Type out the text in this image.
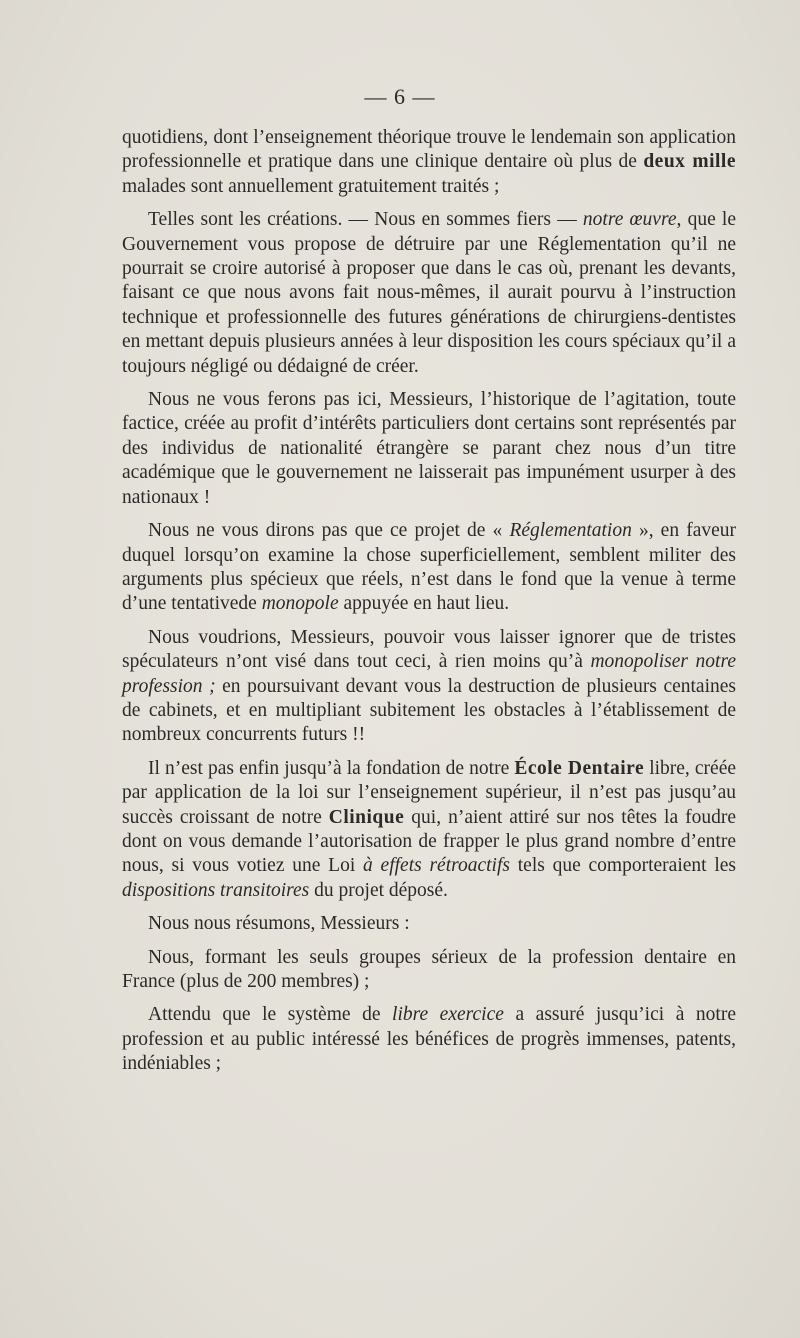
— 6 —

quotidiens, dont l’enseignement théorique trouve le lendemain son application professionnelle et pratique dans une clinique dentaire où plus de deux mille malades sont annuellement gratuitement traités ;

Telles sont les créations. — Nous en sommes fiers — notre œuvre, que le Gouvernement vous propose de détruire par une Réglementation qu’il ne pourrait se croire autorisé à proposer que dans le cas où, prenant les devants, faisant ce que nous avons fait nous-mêmes, il aurait pourvu à l’instruction technique et professionnelle des futures générations de chirurgiens-dentistes en mettant depuis plusieurs années à leur disposition les cours spéciaux qu’il a toujours négligé ou dédaigné de créer.

Nous ne vous ferons pas ici, Messieurs, l’historique de l’agitation, toute factice, créée au profit d’intérêts particuliers dont certains sont représentés par des individus de nationalité étrangère se parant chez nous d’un titre académique que le gouvernement ne laisserait pas impunément usurper à des nationaux !

Nous ne vous dirons pas que ce projet de « Réglementation », en faveur duquel lorsqu’on examine la chose superficiellement, semblent militer des arguments plus spécieux que réels, n’est dans le fond que la venue à terme d’une tentativede monopole appuyée en haut lieu.

Nous voudrions, Messieurs, pouvoir vous laisser ignorer que de tristes spéculateurs n’ont visé dans tout ceci, à rien moins qu’à monopoliser notre profession ; en poursuivant devant vous la destruction de plusieurs centaines de cabinets, et en multipliant subitement les obstacles à l’établissement de nombreux concurrents futurs !!

Il n’est pas enfin jusqu’à la fondation de notre École Dentaire libre, créée par application de la loi sur l’enseignement supérieur, il n’est pas jusqu’au succès croissant de notre Clinique qui, n’aient attiré sur nos têtes la foudre dont on vous demande l’autorisation de frapper le plus grand nombre d’entre nous, si vous votiez une Loi à effets rétroactifs tels que comporteraient les dispositions transitoires du projet déposé.

Nous nous résumons, Messieurs :

Nous, formant les seuls groupes sérieux de la profession dentaire en France (plus de 200 membres) ;

Attendu que le système de libre exercice a assuré jusqu’ici à notre profession et au public intéressé les bénéfices de progrès immenses, patents, indéniables ;
